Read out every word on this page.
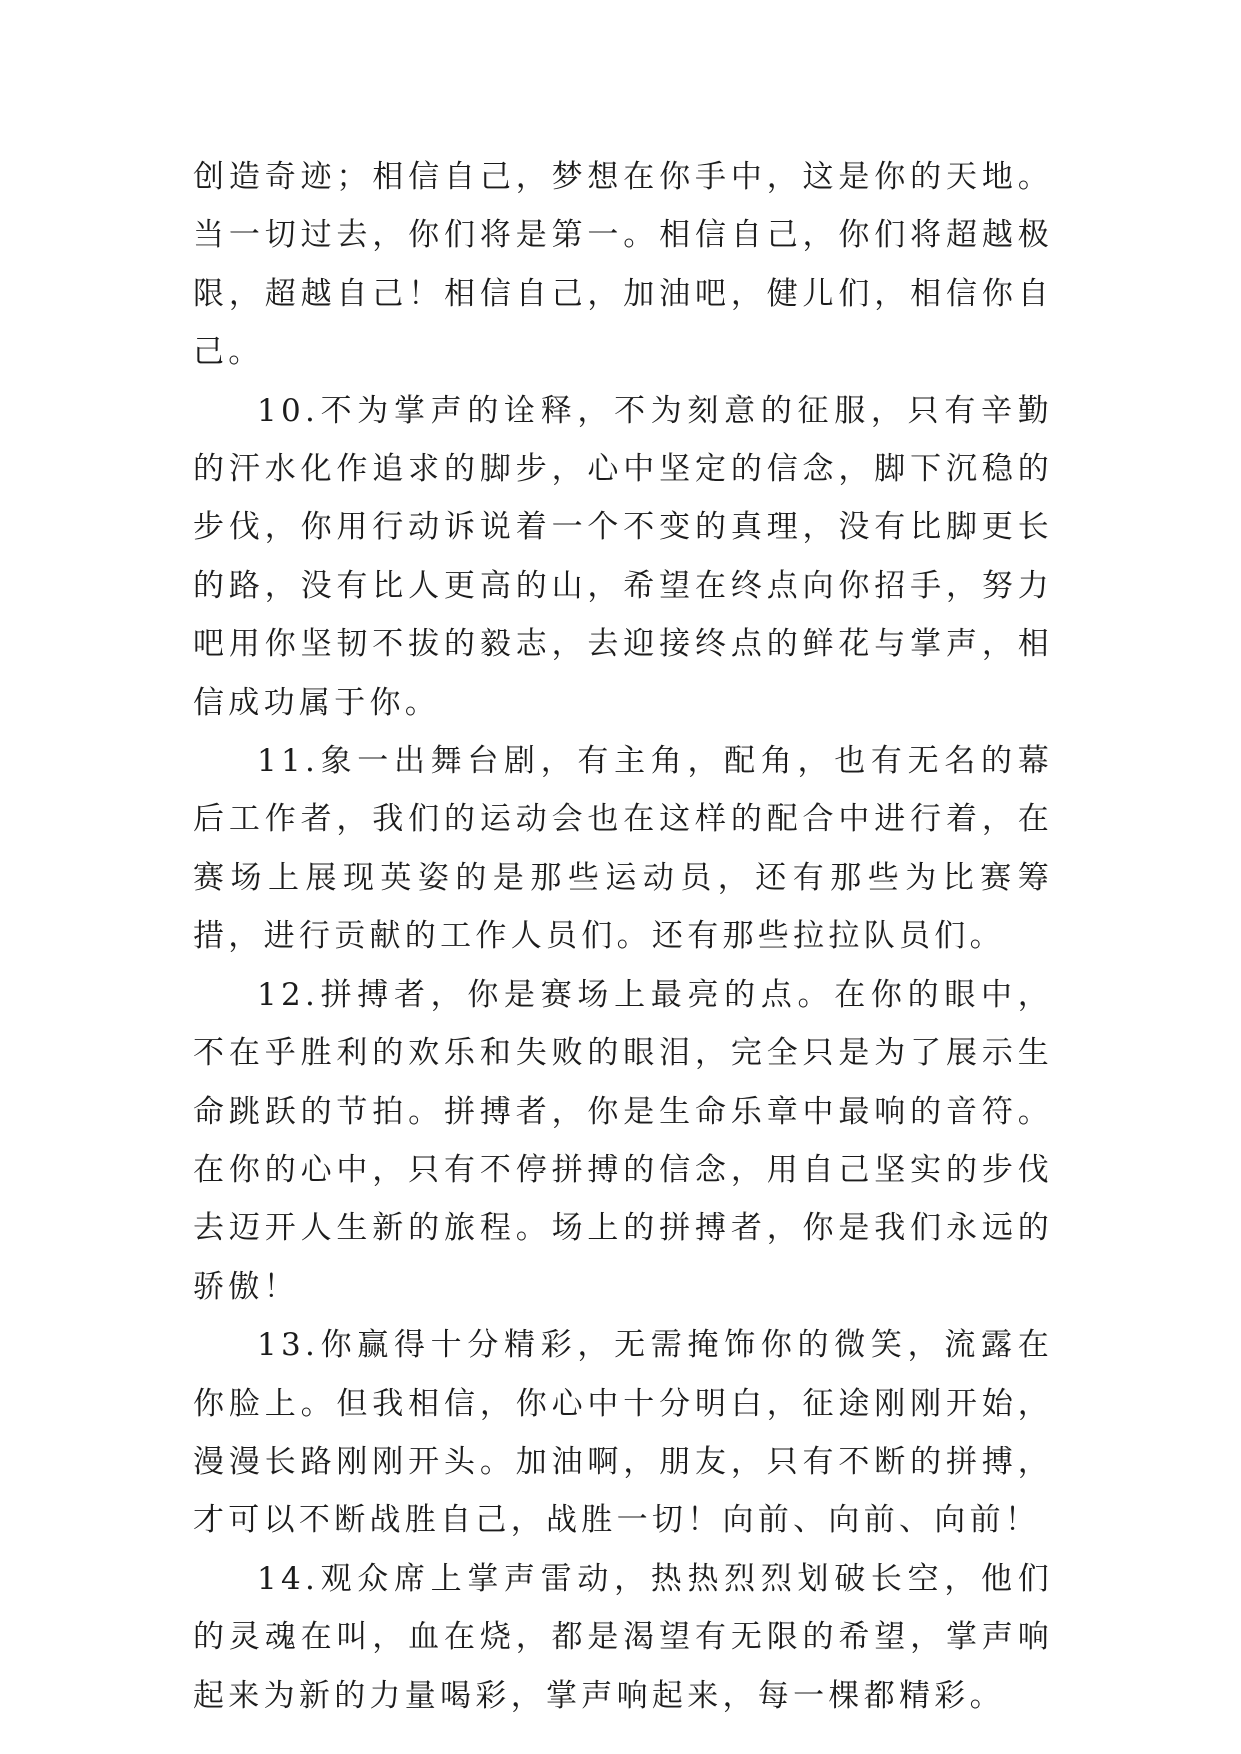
创造奇迹；相信自己，梦想在你手中，这是你的天地。当一切过去，你们将是第一。相信自己，你们将超越极限，超越自己！相信自己，加油吧，健儿们，相信你自己。

10.不为掌声的诠释，不为刻意的征服，只有辛勤的汗水化作追求的脚步，心中坚定的信念，脚下沉稳的步伐，你用行动诉说着一个不变的真理，没有比脚更长的路，没有比人更高的山，希望在终点向你招手，努力吧用你坚韧不拔的毅志，去迎接终点的鲜花与掌声，相信成功属于你。

11.象一出舞台剧，有主角，配角，也有无名的幕后工作者，我们的运动会也在这样的配合中进行着，在赛场上展现英姿的是那些运动员，还有那些为比赛筹措，进行贡献的工作人员们。还有那些拉拉队员们。

12.拼搏者，你是赛场上最亮的点。在你的眼中，不在乎胜利的欢乐和失败的眼泪，完全只是为了展示生命跳跃的节拍。拼搏者，你是生命乐章中最响的音符。在你的心中，只有不停拼搏的信念，用自己坚实的步伐去迈开人生新的旅程。场上的拼搏者，你是我们永远的骄傲！

13.你赢得十分精彩，无需掩饰你的微笑，流露在你脸上。但我相信，你心中十分明白，征途刚刚开始，漫漫长路刚刚开头。加油啊，朋友，只有不断的拼搏，才可以不断战胜自己，战胜一切！向前、向前、向前！

14.观众席上掌声雷动，热热烈烈划破长空，他们的灵魂在叫，血在烧，都是渴望有无限的希望，掌声响起来为新的力量喝彩，掌声响起来，每一棵都精彩。
